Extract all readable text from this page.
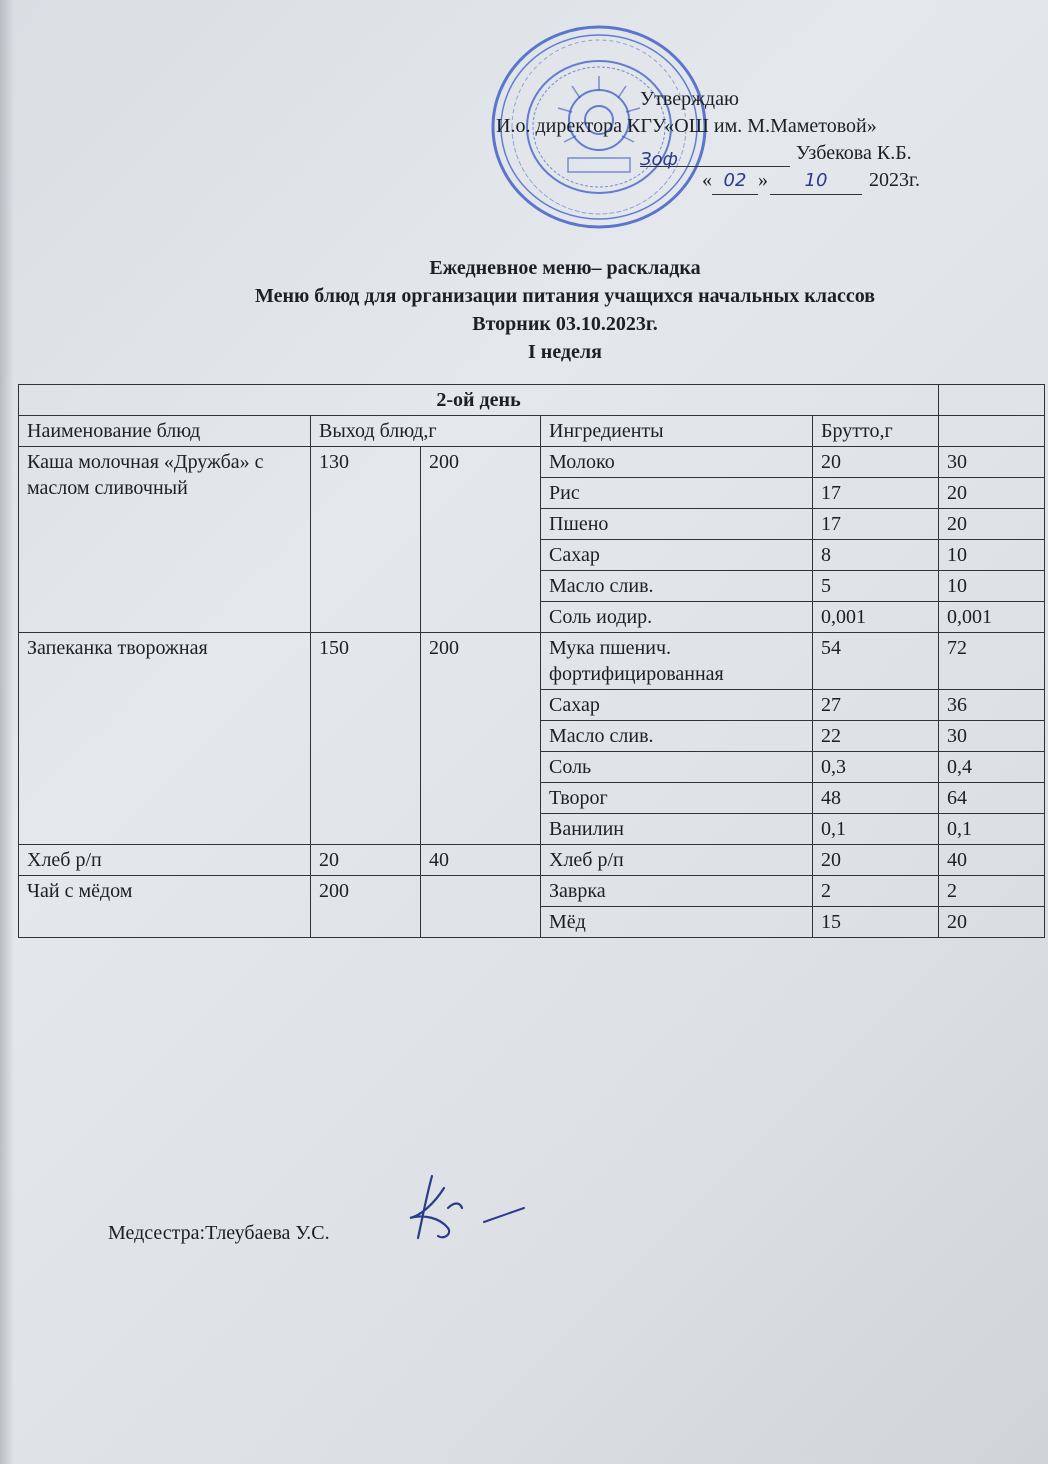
Утверждаю
И.о. директора КГУ«ОШ им. М.Маметовой»
Зоф	Узбекова К.Б.
« 02 » 10 2023г.
Ежедневное меню– раскладка
Меню блюд для организации питания учащихся начальных классов
Вторник 03.10.2023г.
I неделя
2-ой день					
Наименование блюд	Выход блюд,г		Ингредиенты	Брутто,г	
Каша молочная «Дружба» с маслом сливочный	130	200	Молоко	20	30
			Рис	17	20
			Пшено	17	20
			Сахар	8	10
			Масло слив.	5	10
			Соль иодир.	0,001	0,001
Запеканка творожная	150	200	Мука пшенич. фортифицированная	54	72
			Сахар	27	36
			Масло слив.	22	30
			Соль	0,3	0,4
			Творог	48	64
			Ванилин	0,1	0,1
Хлеб р/п	20	40	Хлеб р/п	20	40
Чай с мёдом	200		Заврка	2	2
			Мёд	15	20
Медсестра:Тлеубаева У.С.
